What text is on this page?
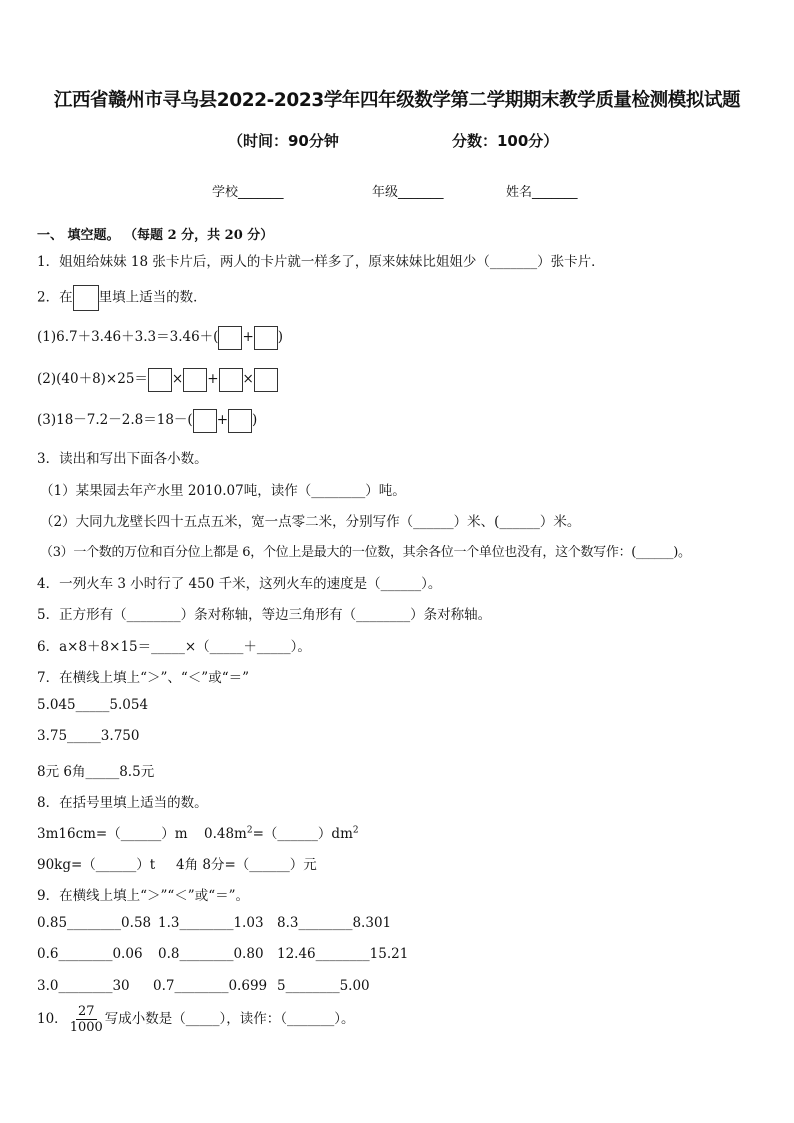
江西省赣州市寻乌县2022-2023学年四年级数学第二学期期末教学质量检测模拟试题
（时间：90分钟	分数：100分）
学校_______	年级_______	姓名_______
一、 填空题。 （每题 2 分，共 20 分）
1．姐姐给妹妹 18 张卡片后，两人的卡片就一样多了，原来妹妹比姐姐少（_______）张卡片．
2．在 里填上适当的数．
(1)6.7＋3.46＋3.3＝3.46＋( + )
(2)(40＋8)×25＝ × + ×
(3)18－7.2－2.8＝18－( + )
3．读出和写出下面各小数。
（1）某果园去年产水里 2010.07吨，读作（________）吨。
（2）大同九龙壁长四十五点五米，宽一点零二米，分别写作（______）米、(______）米。
（3）一个数的万位和百分位上都是 6，个位上是最大的一位数，其余各位一个单位也没有，这个数写作：(______)。
4．一列火车 3 小时行了 450 千米，这列火车的速度是（______）。
5．正方形有（________）条对称轴，等边三角形有（________）条对称轴。
6．a×8＋8×15＝_____×（_____＋_____）。
7．在横线上填上“＞”、“＜”或“＝”
5.045_____5.054
3.75_____3.750
8元 6角_____8.5元
8．在括号里填上适当的数。
3m16cm=（______）m $0.48m^2=(\_\_\_\_\_\_)dm^2$
90kg=（______）t 4角 8分=（______）元
9．在横线上填上“＞”“＜”或“＝”。
0.85________0.58 1.3________1.03 8.3________8.301
0.6________0.06 0.8________0.80 12.46________15.21
3.0________30 0.7________0.699 5________5.00
10． $\frac{27}{1000}$ 写成小数是（_____），读作：（_______）。
